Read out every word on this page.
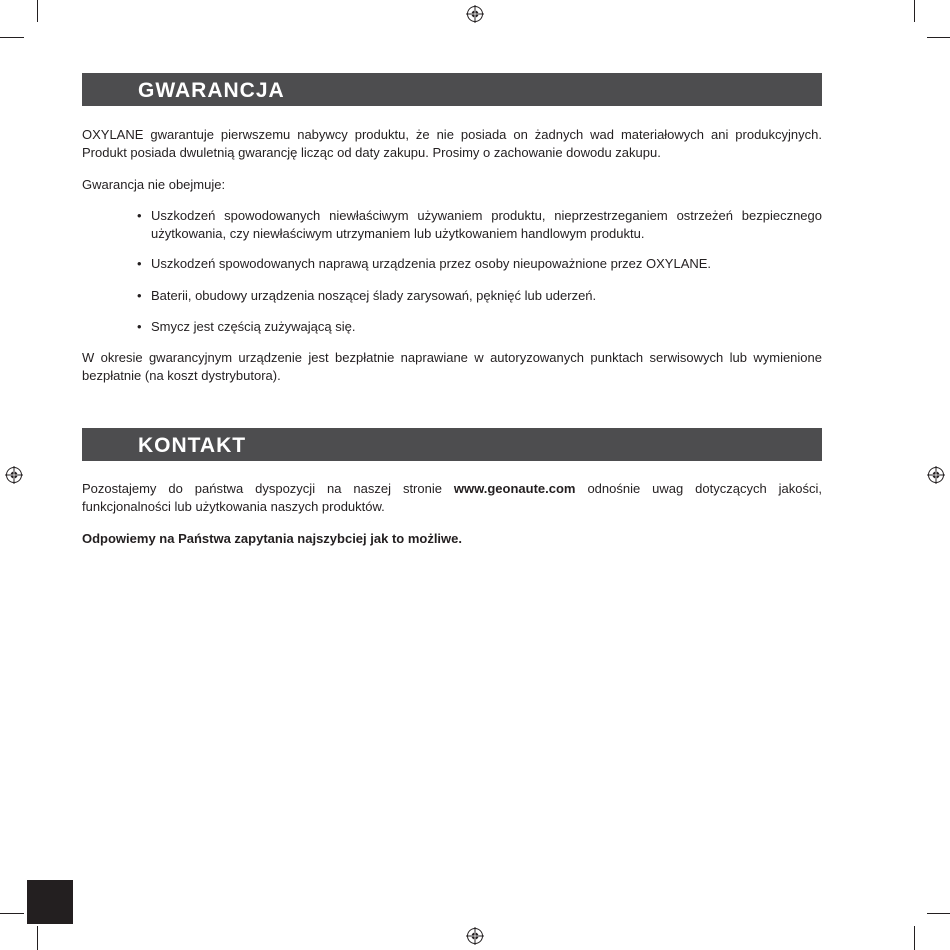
GWARANCJA
OXYLANE gwarantuje pierwszemu nabywcy produktu, że nie posiada on żadnych wad materiałowych ani produkcyjnych. Produkt posiada dwuletnią gwarancję licząc od daty zakupu. Prosimy o zachowanie dowodu zakupu.
Gwarancja nie obejmuje:
• Uszkodzeń spowodowanych niewłaściwym używaniem produktu, nieprzestrzeganiem ostrzeżeń bezpiecznego użytkowania, czy niewłaściwym utrzymaniem lub użytkowaniem handlowym produktu.
• Uszkodzeń spowodowanych naprawą urządzenia przez osoby nieupoważnione przez OXYLANE.
• Baterii, obudowy urządzenia noszącej ślady zarysowań, pęknięć lub uderzeń.
• Smycz jest częścią zużywającą się.
W okresie gwarancyjnym urządzenie jest bezpłatnie naprawiane w autoryzowanych punktach serwisowych lub wymienione bezpłatnie (na koszt dystrybutora).
KONTAKT
Pozostajemy do państwa dyspozycji na naszej stronie www.geonaute.com odnośnie uwag dotyczących jakości, funkcjonalności lub użytkowania naszych produktów.
Odpowiemy na Państwa zapytania najszybciej jak to możliwe.
